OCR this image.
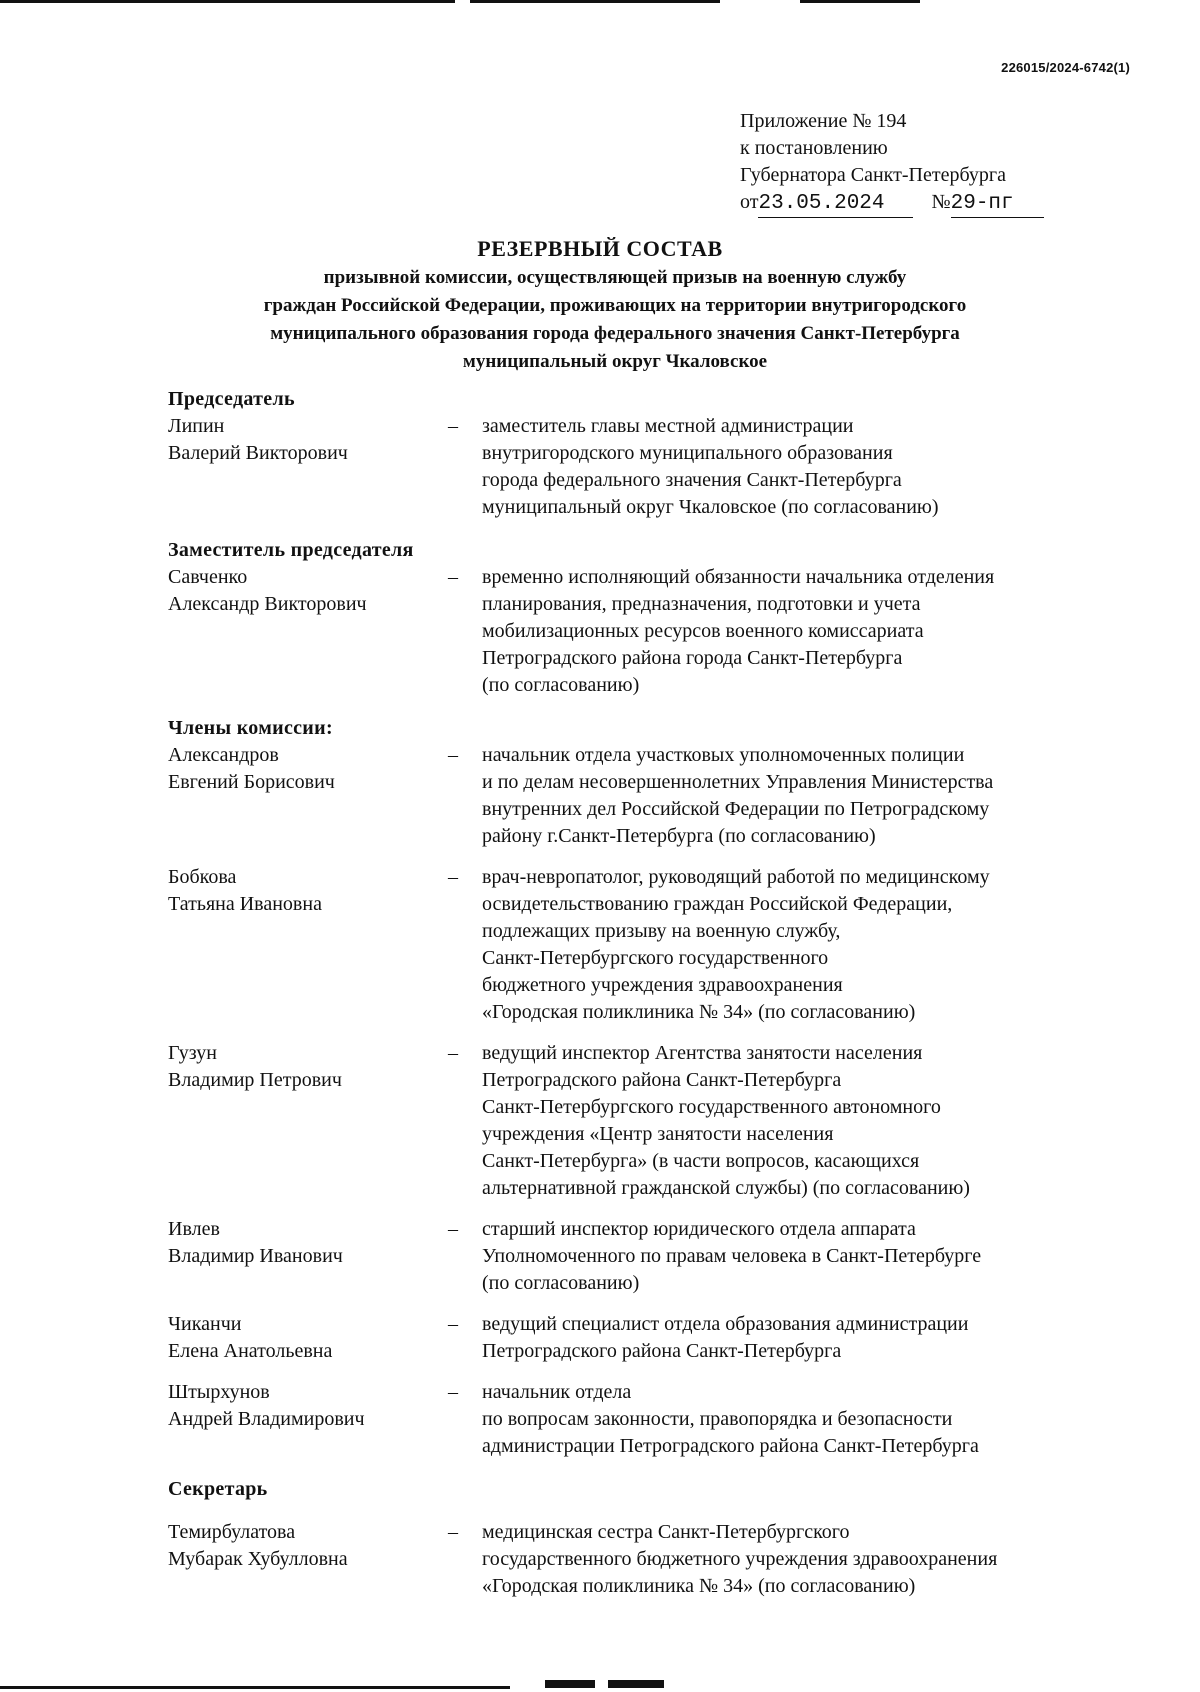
226015/2024-6742(1)
Приложение № 194
к постановлению
Губернатора Санкт-Петербурга
от23.05.2024 №29-пг
РЕЗЕРВНЫЙ СОСТАВ
призывной комиссии, осуществляющей призыв на военную службу
граждан Российской Федерации, проживающих на территории внутригородского
муниципального образования города федерального значения Санкт-Петербурга
муниципальный округ Чкаловское
Председатель
Липин
Валерий Викторович
–	заместитель главы местной администрации
внутригородского муниципального образования
города федерального значения Санкт-Петербурга
муниципальный округ Чкаловское (по согласованию)
Заместитель председателя
Савченко
Александр Викторович
–	временно исполняющий обязанности начальника отделения
планирования, предназначения, подготовки и учета
мобилизационных ресурсов военного комиссариата
Петроградского района города Санкт-Петербурга
(по согласованию)
Члены комиссии:
Александров
Евгений Борисович
–	начальник отдела участковых уполномоченных полиции
и по делам несовершеннолетних Управления Министерства
внутренних дел Российской Федерации по Петроградскому
району г.Санкт-Петербурга (по согласованию)
Бобкова
Татьяна Ивановна
–	врач-невропатолог, руководящий работой по медицинскому
освидетельствованию граждан Российской Федерации,
подлежащих призыву на военную службу,
Санкт-Петербургского государственного
бюджетного учреждения здравоохранения
«Городская поликлиника № 34» (по согласованию)
Гузун
Владимир Петрович
–	ведущий инспектор Агентства занятости населения
Петроградского района Санкт-Петербурга
Санкт-Петербургского государственного автономного
учреждения «Центр занятости населения
Санкт-Петербурга» (в части вопросов, касающихся
альтернативной гражданской службы) (по согласованию)
Ивлев
Владимир Иванович
–	старший инспектор юридического отдела аппарата
Уполномоченного по правам человека в Санкт-Петербурге
(по согласованию)
Чиканчи
Елена Анатольевна
–	ведущий специалист отдела образования администрации
Петроградского района Санкт-Петербурга
Штырхунов
Андрей Владимирович
–	начальник отдела
по вопросам законности, правопорядка и безопасности
администрации Петроградского района Санкт-Петербурга
Секретарь
Темирбулатова
Мубарак Хубулловна
–	медицинская сестра Санкт-Петербургского
государственного бюджетного учреждения здравоохранения
«Городская поликлиника № 34» (по согласованию)
